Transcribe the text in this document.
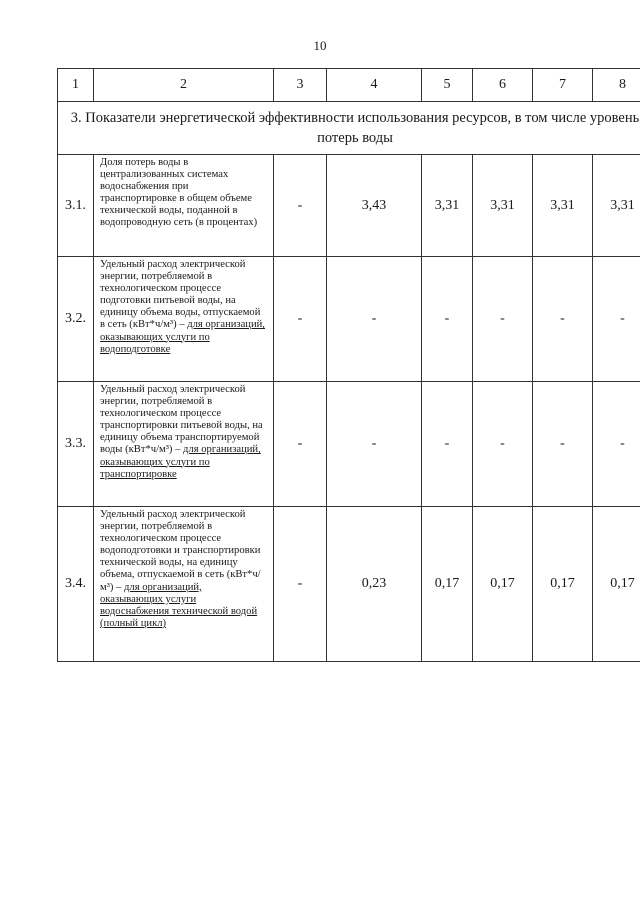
10
1	2	3	4	5	6	7	8
3. Показатели энергетической эффективности использования ресурсов, в том числе уровень потерь воды							
3.1.	Доля потерь воды в централизованных системах водоснабжения при транспортировке в общем объеме технической воды, поданной в водопроводную сеть (в процентах)	-	3,43	3,31	3,31	3,31	3,31
3.2.	Удельный расход электрической энергии, потребляемой в технологическом процессе подготовки питьевой воды, на единицу объема воды, отпускаемой в сеть (кВт*ч/м³) – для организаций, оказывающих услуги по водоподготовке	-	-	-	-	-	-
3.3.	Удельный расход электрической энергии, потребляемой в технологическом процессе транспортировки питьевой воды, на единицу объема транспортируемой воды (кВт*ч/м³) – для организаций, оказывающих услуги по транспортировке	-	-	-	-	-	-
3.4.	Удельный расход электрической энергии, потребляемой в технологическом процессе водоподготовки и транспортировки технической воды, на единицу объема, отпускаемой в сеть (кВт*ч/м³) – для организаций, оказывающих услуги водоснабжения технической водой (полный цикл)	-	0,23	0,17	0,17	0,17	0,17
